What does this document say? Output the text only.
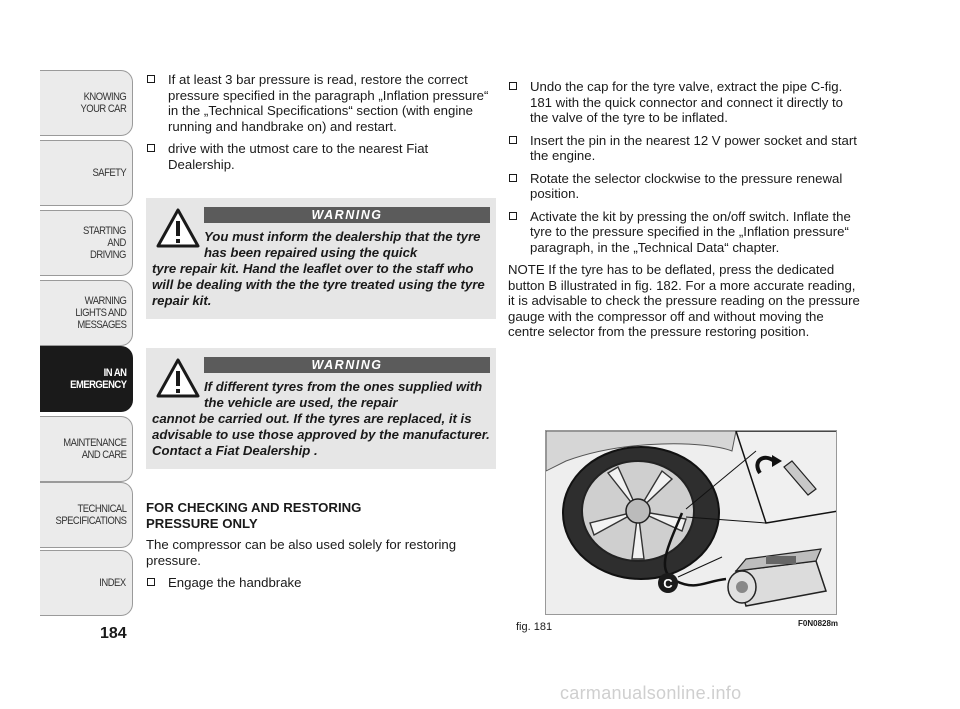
KNOWING
YOUR CAR
SAFETY
STARTING
AND
DRIVING
WARNING
LIGHTS AND
MESSAGES
IN AN
EMERGENCY
MAINTENANCE
AND CARE
TECHNICAL
SPECIFICATIONS
INDEX
184
If at least 3 bar pressure is read, restore the correct pressure specified in the paragraph „Inflation pressure“ in the „Technical Specifications“ section (with engine running and handbrake on) and restart.
drive with the utmost care to the nearest Fiat Dealership.
WARNING
You must inform the dealership that the tyre has been repaired using the quick
tyre repair kit. Hand the leaflet over to the staff who will be dealing with the the tyre treated using the tyre repair kit.
WARNING
If different tyres from the ones supplied with the vehicle are used, the repair
cannot be carried out. If the tyres are replaced, it is advisable to use those approved by the manufacturer. Contact a Fiat Dealership .
FOR CHECKING AND RESTORING
PRESSURE ONLY
The compressor can be also used solely for restoring pressure.
Engage the handbrake
Undo the cap for the tyre valve, extract the pipe C-fig. 181 with the quick connector and connect it directly to the valve of the tyre to be inflated.
Insert the pin in the nearest 12 V power socket and start the engine.
Rotate the selector clockwise to the pressure renewal position.
Activate the kit by pressing the on/off switch. Inflate the tyre to the pressure specified in the „Inflation pressure“ paragraph, in the „Technical Data“ chapter.
NOTE If the tyre has to be deflated, press the dedicated button B illustrated in fig. 182. For a more accurate reading, it is advisable to check the pressure reading on the pressure gauge with the compressor off and without moving the centre selector from the pressure restoring position.
C
fig. 181	F0N0828m
carmanualsonline.info
